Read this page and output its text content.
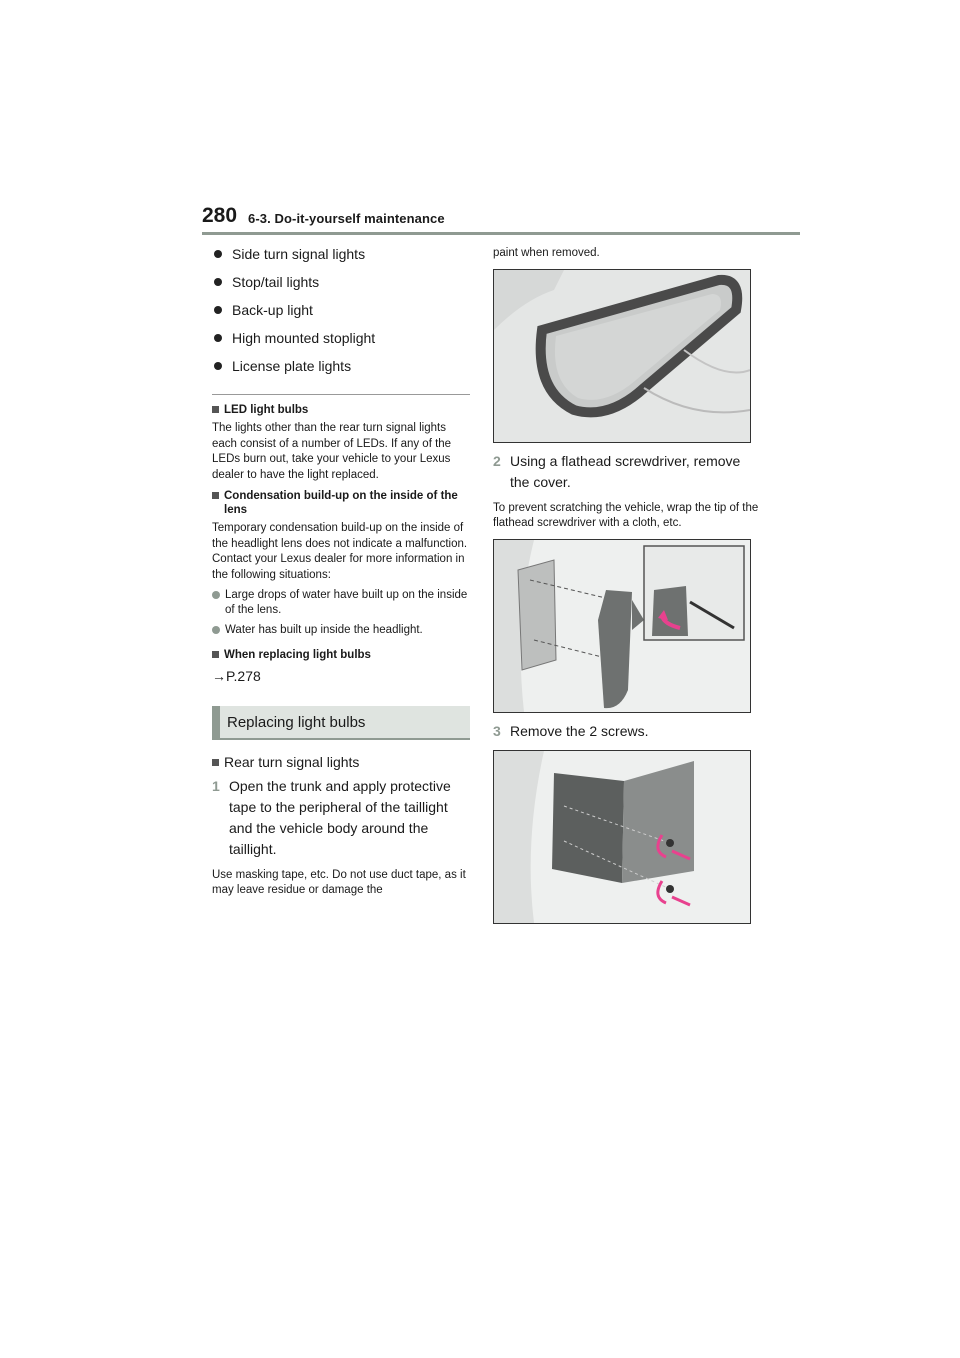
280 6-3. Do-it-yourself maintenance
Side turn signal lights
Stop/tail lights
Back-up light
High mounted stoplight
License plate lights
LED light bulbs
The lights other than the rear turn signal lights each consist of a number of LEDs. If any of the LEDs burn out, take your vehicle to your Lexus dealer to have the light replaced.
Condensation build-up on the inside of the lens
Temporary condensation build-up on the inside of the headlight lens does not indicate a malfunction. Contact your Lexus dealer for more information in the following situations:
Large drops of water have built up on the inside of the lens.
Water has built up inside the headlight.
When replacing light bulbs
→P.278
Replacing light bulbs
Rear turn signal lights
1 Open the trunk and apply protective tape to the peripheral of the taillight and the vehicle body around the taillight.
Use masking tape, etc. Do not use duct tape, as it may leave residue or damage the
paint when removed.
2 Using a flathead screwdriver, remove the cover.
To prevent scratching the vehicle, wrap the tip of the flathead screwdriver with a cloth, etc.
3 Remove the 2 screws.
